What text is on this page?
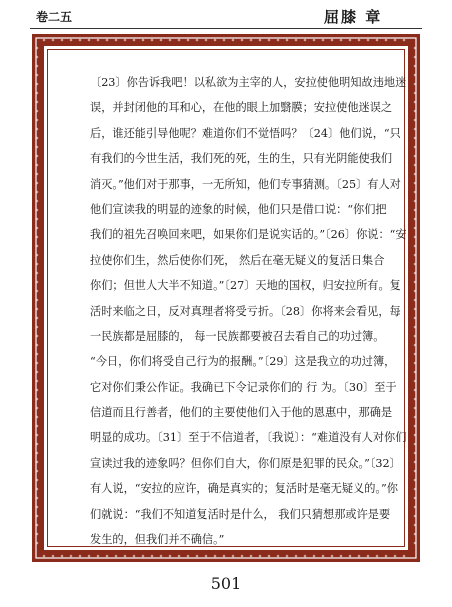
卷二五	屈膝 章
〔23〕你告诉我吧！以私欲为主宰的人，安拉使他明知故违地迷
误，并封闭他的耳和心，在他的眼上加翳膜；安拉使他迷误之
后，谁还能引导他呢？难道你们不觉悟吗？〔24〕他们说，“只
有我们的今世生活，我们死的死，生的生，只有光阴能使我们
消灭。”他们对于那事，一无所知，他们专事猜测。〔25〕有人对
他们宣读我的明显的迹象的时候，他们只是借口说：“你们把
我们的祖先召唤回来吧，如果你们是说实话的。”〔26〕你说：“安
拉使你们生，然后使你们死， 然后在毫无疑义的复活日集合
你们；但世人大半不知道。”〔27〕天地的国权，归安拉所有。复
活时来临之日，反对真理者将受亏折。〔28〕你将来会看见，每
一民族都是屈膝的， 每一民族都要被召去看自己的功过簿。
“今日，你们将受自己行为的报酬。”〔29〕这是我立的功过簿，
它对你们秉公作证。我确已下令记录你们的 行 为。〔30〕至于
信道而且行善者，他们的主要使他们入于他的恩惠中，那确是
明显的成功。〔31〕至于不信道者，〔我说〕：“难道没有人对你们
宣读过我的迹象吗？但你们自大，你们原是犯罪的民众。”〔32〕
有人说，“安拉的应许，确是真实的；复活时是毫无疑义的。”你
们就说：“我们不知道复活时是什么， 我们只猜想那或许是要
发生的，但我们并不确信。”
501
